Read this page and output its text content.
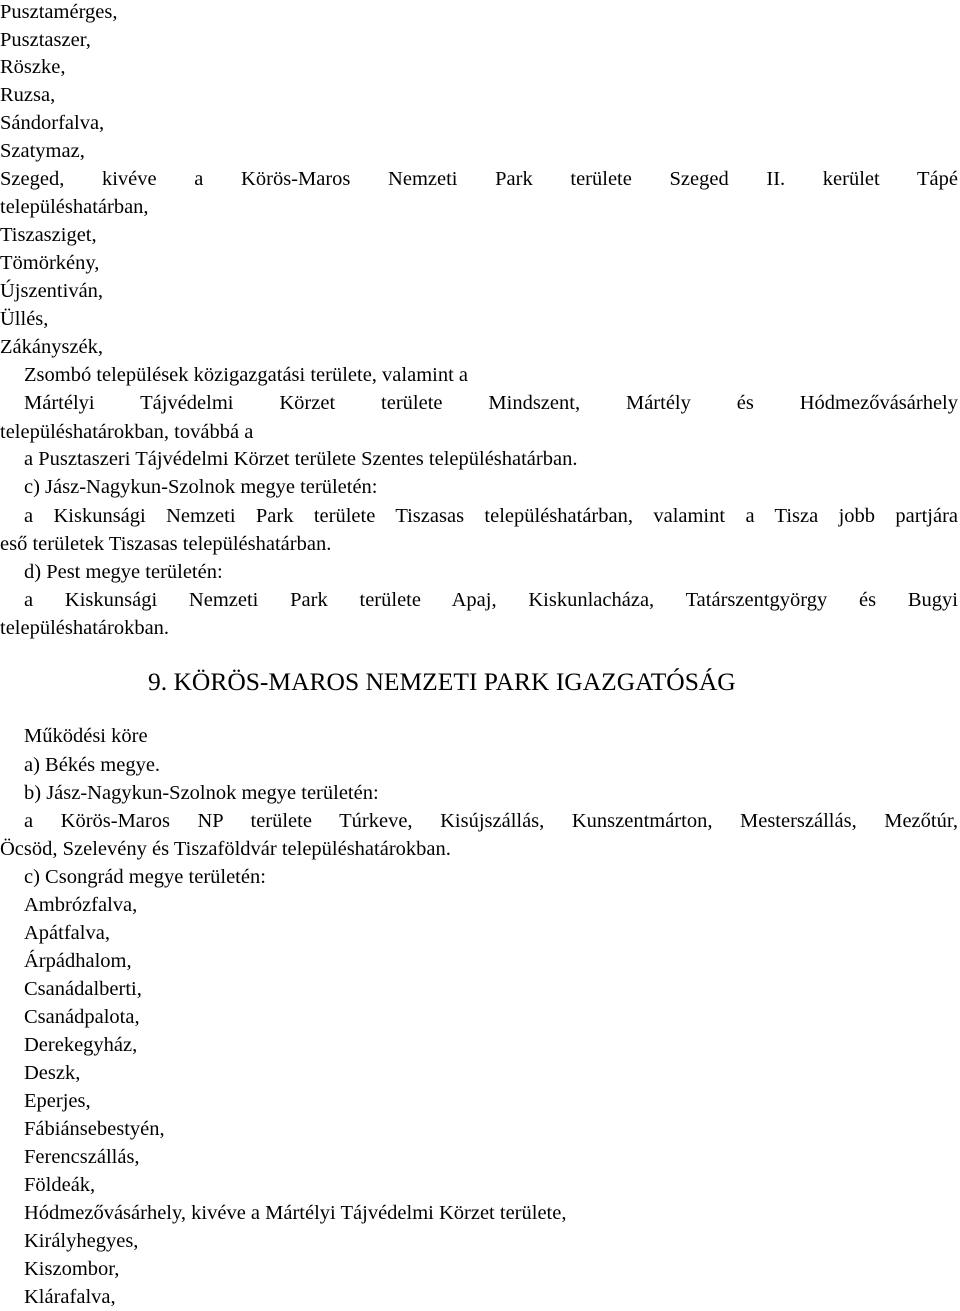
Pusztamérges,
Pusztaszer,
Röszke,
Ruzsa,
Sándorfalva,
Szatymaz,
Szeged, kivéve a Körös-Maros Nemzeti Park területe Szeged II. kerület Tápé
településhatárban,
Tiszasziget,
Tömörkény,
Újszentiván,
Üllés,
Zákányszék,
Zsombó települések közigazgatási területe, valamint a
Mártélyi Tájvédelmi Körzet területe Mindszent, Mártély és Hódmezővásárhely
településhatárokban, továbbá a
a Pusztaszeri Tájvédelmi Körzet területe Szentes településhatárban.
c) Jász-Nagykun-Szolnok megye területén:
a Kiskunsági Nemzeti Park területe Tiszasas településhatárban, valamint a Tisza jobb partjára
eső területek Tiszasas településhatárban.
d) Pest megye területén:
a Kiskunsági Nemzeti Park területe Apaj, Kiskunlacháza, Tatárszentgyörgy és Bugyi
településhatárokban.
9. KÖRÖS-MAROS NEMZETI PARK IGAZGATÓSÁG
Működési köre
a) Békés megye.
b) Jász-Nagykun-Szolnok megye területén:
a Körös-Maros NP területe Túrkeve, Kisújszállás, Kunszentmárton, Mesterszállás, Mezőtúr,
Öcsöd, Szelevény és Tiszaföldvár településhatárokban.
c) Csongrád megye területén:
Ambrózfalva,
Apátfalva,
Árpádhalom,
Csanádalberti,
Csanádpalota,
Derekegyház,
Deszk,
Eperjes,
Fábiánsebestyén,
Ferencszállás,
Földeák,
Hódmezővásárhely, kivéve a Mártélyi Tájvédelmi Körzet területe,
Királyhegyes,
Kiszombor,
Klárafalva,
